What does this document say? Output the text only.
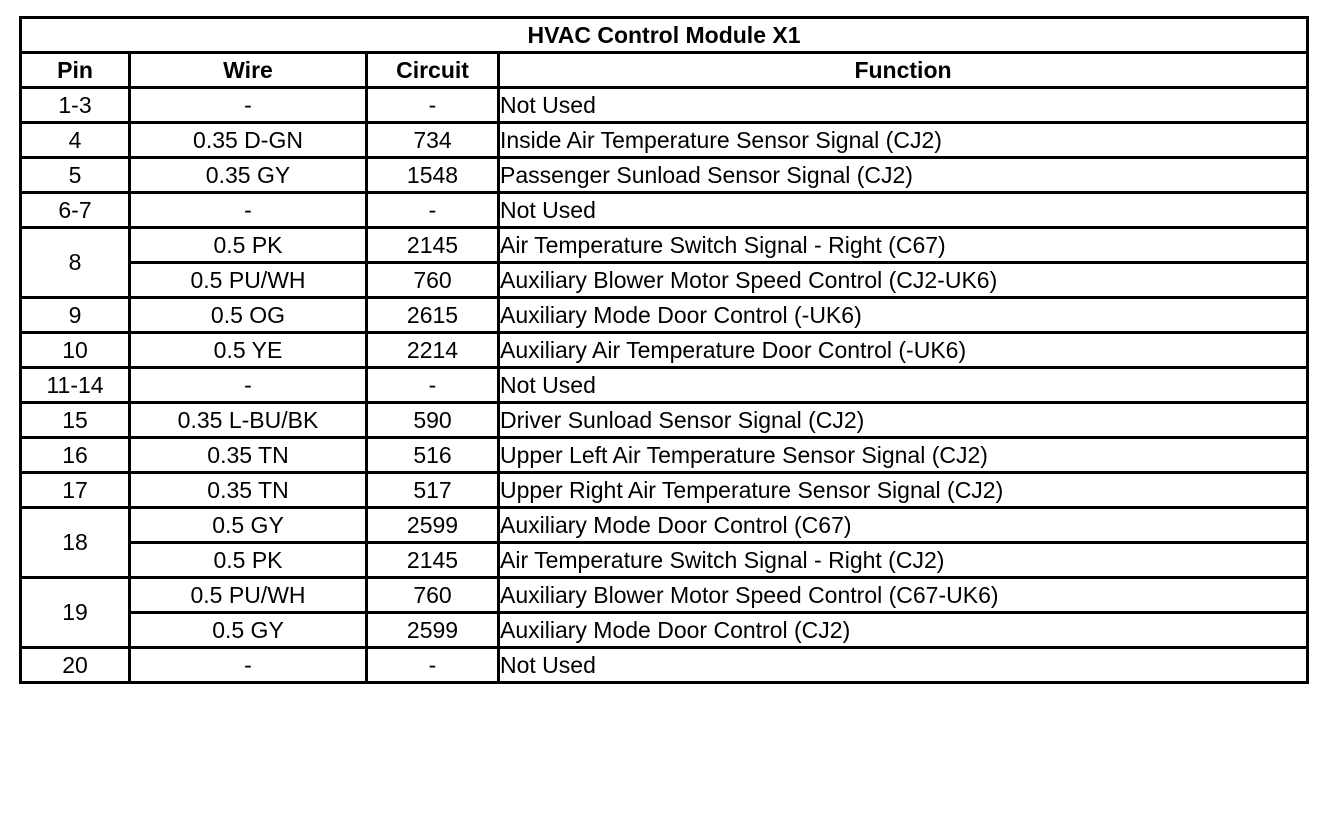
HVAC Control Module X1			
Pin	Wire	Circuit	Function
1-3	-	-	Not Used
4	0.35 D-GN	734	Inside Air Temperature Sensor Signal (CJ2)
5	0.35 GY	1548	Passenger Sunload Sensor Signal (CJ2)
6-7	-	-	Not Used
8	0.5 PK	2145	Air Temperature Switch Signal - Right (C67)
	0.5 PU/WH	760	Auxiliary Blower Motor Speed Control (CJ2-UK6)
9	0.5 OG	2615	Auxiliary Mode Door Control (-UK6)
10	0.5 YE	2214	Auxiliary Air Temperature Door Control (-UK6)
11-14	-	-	Not Used
15	0.35 L-BU/BK	590	Driver Sunload Sensor Signal (CJ2)
16	0.35 TN	516	Upper Left Air Temperature Sensor Signal (CJ2)
17	0.35 TN	517	Upper Right Air Temperature Sensor Signal (CJ2)
18	0.5 GY	2599	Auxiliary Mode Door Control (C67)
	0.5 PK	2145	Air Temperature Switch Signal - Right (CJ2)
19	0.5 PU/WH	760	Auxiliary Blower Motor Speed Control (C67-UK6)
	0.5 GY	2599	Auxiliary Mode Door Control (CJ2)
20	-	-	Not Used
